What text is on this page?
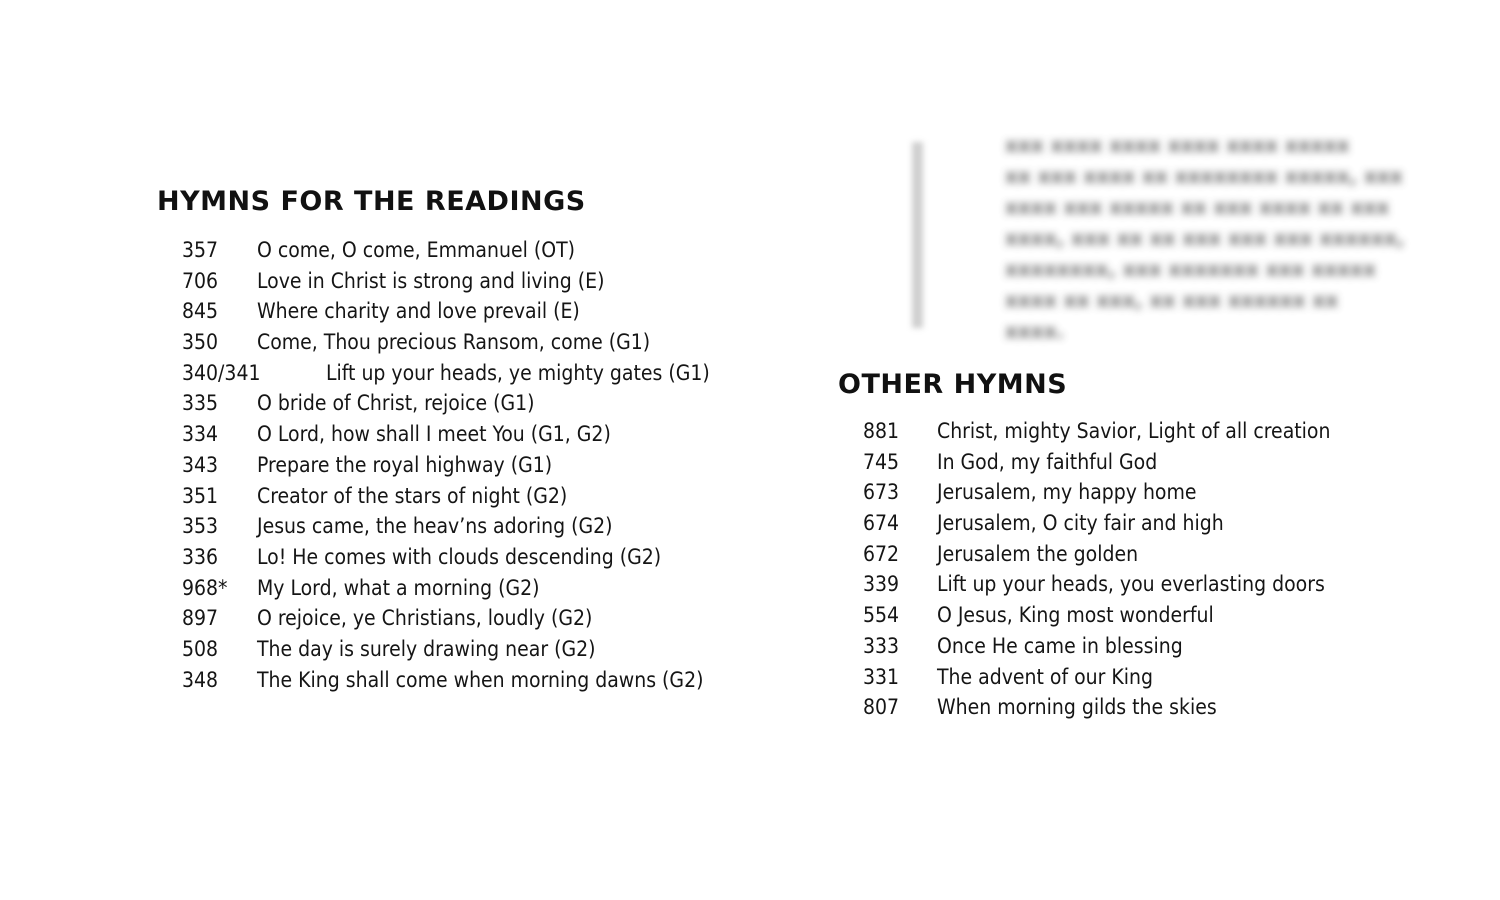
HYMNS FOR THE READINGS
357 O come, O come, Emmanuel (OT)
706 Love in Christ is strong and living (E)
845 Where charity and love prevail (E)
350 Come, Thou precious Ransom, come (G1)
340/341	Lift up your heads, ye mighty gates (G1)
335 O bride of Christ, rejoice (G1)
334 O Lord, how shall I meet You (G1, G2)
343 Prepare the royal highway (G1)
351 Creator of the stars of night (G2)
353 Jesus came, the heav’ns adoring (G2)
336 Lo! He comes with clouds descending (G2)
968* My Lord, what a morning (G2)
897 O rejoice, ye Christians, loudly (G2)
508 The day is surely drawing near (G2)
348 The King shall come when morning dawns (G2)
xxx xxxx xxxx xxxx xxxx xxxxx
xx xxx xxxx xx xxxxxxxx xxxxx, xxx
xxxx xxx xxxxx xx xxx xxxx xx xxx
xxxx, xxx xx xx xxx xxx xxx xxxxxx,
xxxxxxxx, xxx xxxxxxx xxx xxxxx
xxxx xx xxx, xx xxx xxxxxx xx
xxxx.
OTHER HYMNS
881 Christ, mighty Savior, Light of all creation
745 In God, my faithful God
673 Jerusalem, my happy home
674 Jerusalem, O city fair and high
672 Jerusalem the golden
339 Lift up your heads, you everlasting doors
554 O Jesus, King most wonderful
333 Once He came in blessing
331 The advent of our King
807 When morning gilds the skies
